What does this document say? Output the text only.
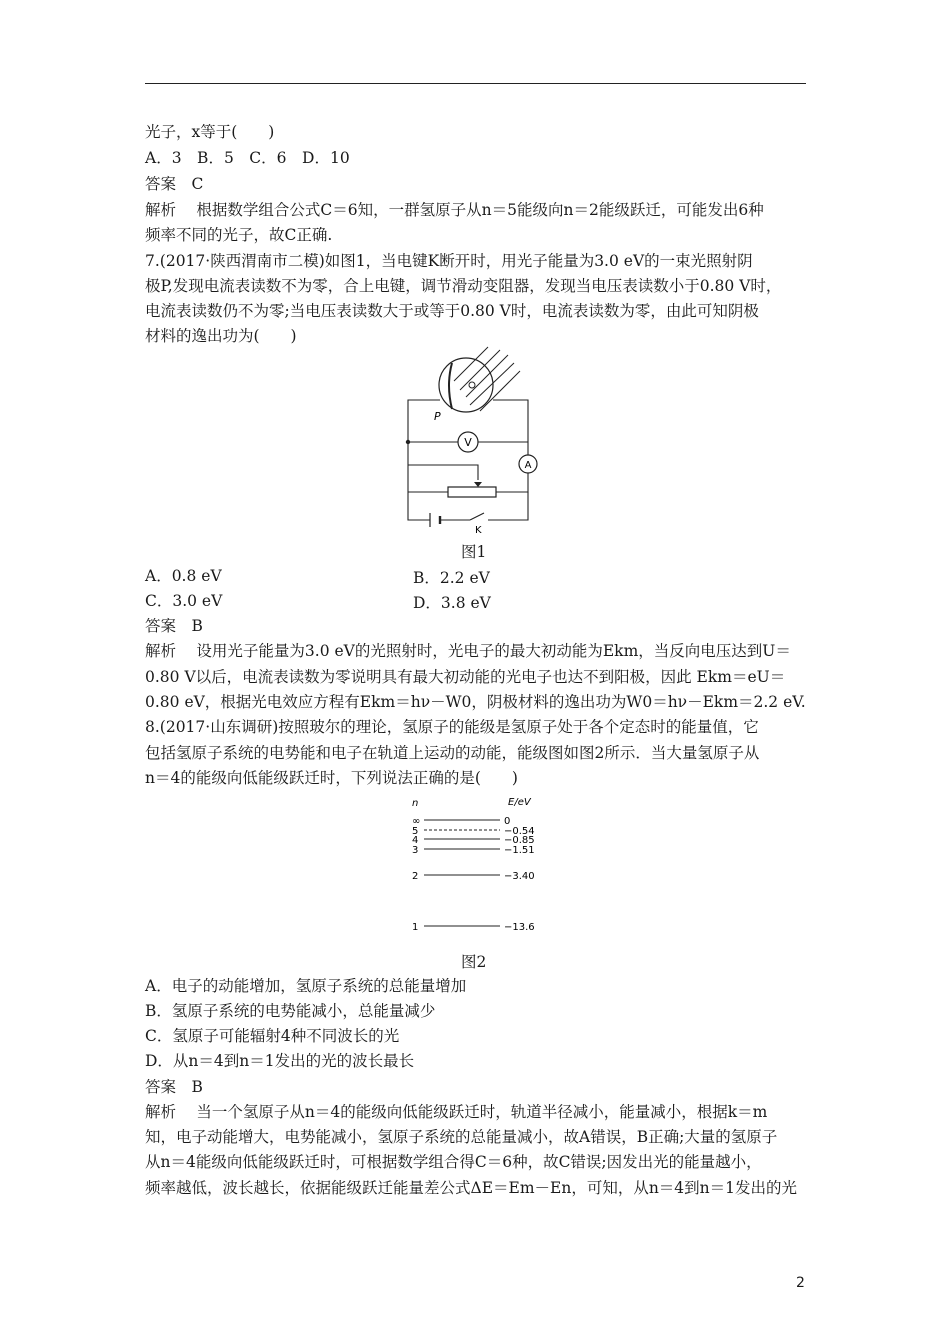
光子，x等于(　　)
A．3　B．5　C．6　D．10
答案　C
解析　 根据数学组合公式C＝6知，一群氢原子从n＝5能级向n＝2能级跃迁，可能发出6种
频率不同的光子，故C正确.
7.(2017·陕西渭南市二模)如图1，当电键K断开时，用光子能量为3.0 eV的一束光照射阴
极P,发现电流表读数不为零，合上电键，调节滑动变阻器，发现当电压表读数小于0.80 V时，
电流表读数仍不为零;当电压表读数大于或等于0.80 V时，电流表读数为零，由此可知阴极
材料的逸出功为(　　)
V
A
P
K
图1
A．0.8 eV	B．2.2 eV
C．3.0 eV	D．3.8 eV
答案　B
解析　 设用光子能量为3.0 eV的光照射时，光电子的最大初动能为Ekm，当反向电压达到U＝
0.80 V以后，电流表读数为零说明具有最大初动能的光电子也达不到阳极，因此 Ekm＝eU＝
0.80 eV，根据光电效应方程有Ekm＝hν－W0，阴极材料的逸出功为W0＝hν－Ekm＝2.2 eV.
8.(2017·山东调研)按照玻尔的理论，氢原子的能级是氢原子处于各个定态时的能量值，它
包括氢原子系统的电势能和电子在轨道上运动的动能，能级图如图2所示．当大量氢原子从
n＝4的能级向低能级跃迁时，下列说法正确的是(　　)
n	E/eV
∞	0
5	−0.54
4	−0.85
3	−1.51
2	−3.40
1	−13.6
图2
A．电子的动能增加，氢原子系统的总能量增加
B．氢原子系统的电势能减小，总能量减少
C．氢原子可能辐射4种不同波长的光
D．从n＝4到n＝1发出的光的波长最长
答案　B
解析　 当一个氢原子从n＝4的能级向低能级跃迁时，轨道半径减小，能量减小，根据k＝m
知，电子动能增大，电势能减小，氢原子系统的总能量减小，故A错误，B正确;大量的氢原子
从n＝4能级向低能级跃迁时，可根据数学组合得C＝6种，故C错误;因发出光的能量越小，
频率越低，波长越长，依据能级跃迁能量差公式ΔE＝Em－En，可知，从n＝4到n＝1发出的光
2
